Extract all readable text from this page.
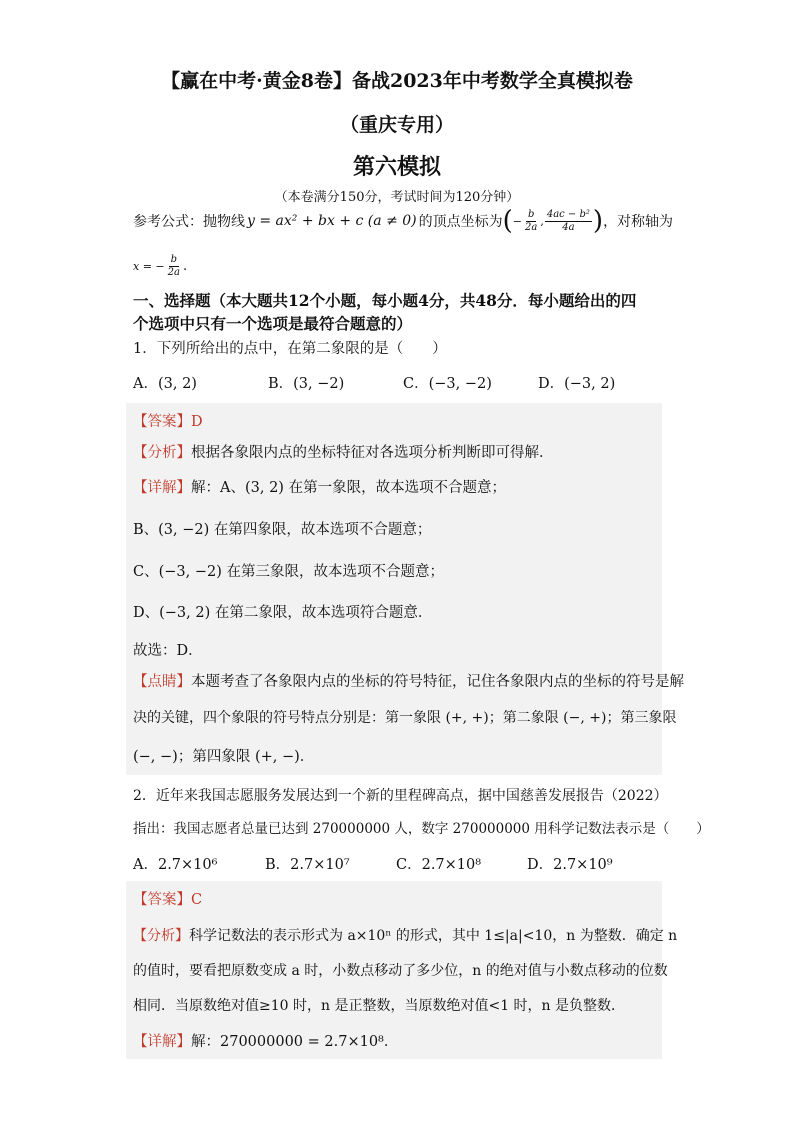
【赢在中考·黄金8卷】备战2023年中考数学全真模拟卷
（重庆专用）
第六模拟
（本卷满分150分，考试时间为120分钟）
参考公式：抛物线 y = ax² + bx + c (a ≠ 0) 的顶点坐标为 ( − $\frac{b}{2a}$ , $\frac{\text{4ac − b²}}{4a}$ ) ，对称轴为
x = − $\frac{b}{2a}$ .
一、选择题（本大题共12个小题，每小题4分，共48分．每小题给出的四
个选项中只有一个选项是最符合题意的）
1．下列所给出的点中，在第二象限的是（　　）
A．(3, 2)	B．(3, −2)	C．(−3, −2)	D．(−3, 2)
【答案】D
【分析】根据各象限内点的坐标特征对各选项分析判断即可得解．
【详解】解：A、(3, 2) 在第一象限，故本选项不合题意；
B、(3, −2) 在第四象限，故本选项不合题意；
C、(−3, −2) 在第三象限，故本选项不合题意；
D、(−3, 2) 在第二象限，故本选项符合题意．
故选：D．
【点睛】本题考查了各象限内点的坐标的符号特征，记住各象限内点的坐标的符号是解
决的关键，四个象限的符号特点分别是：第一象限 (+, +)；第二象限 (−, +)；第三象限
(−, −)；第四象限 (+, −)．
2．近年来我国志愿服务发展达到一个新的里程碑高点，据中国慈善发展报告（2022）
指出：我国志愿者总量已达到 270000000 人，数字 270000000 用科学记数法表示是（　　）
A．2.7×10⁶	B．2.7×10⁷	C．2.7×10⁸	D．2.7×10⁹
【答案】C
【分析】科学记数法的表示形式为 a×10ⁿ 的形式，其中 1≤|a|<10，n 为整数．确定 n
的值时，要看把原数变成 a 时，小数点移动了多少位，n 的绝对值与小数点移动的位数
相同．当原数绝对值≥10 时，n 是正整数，当原数绝对值<1 时，n 是负整数．
【详解】解：270000000 = 2.7×10⁸．
